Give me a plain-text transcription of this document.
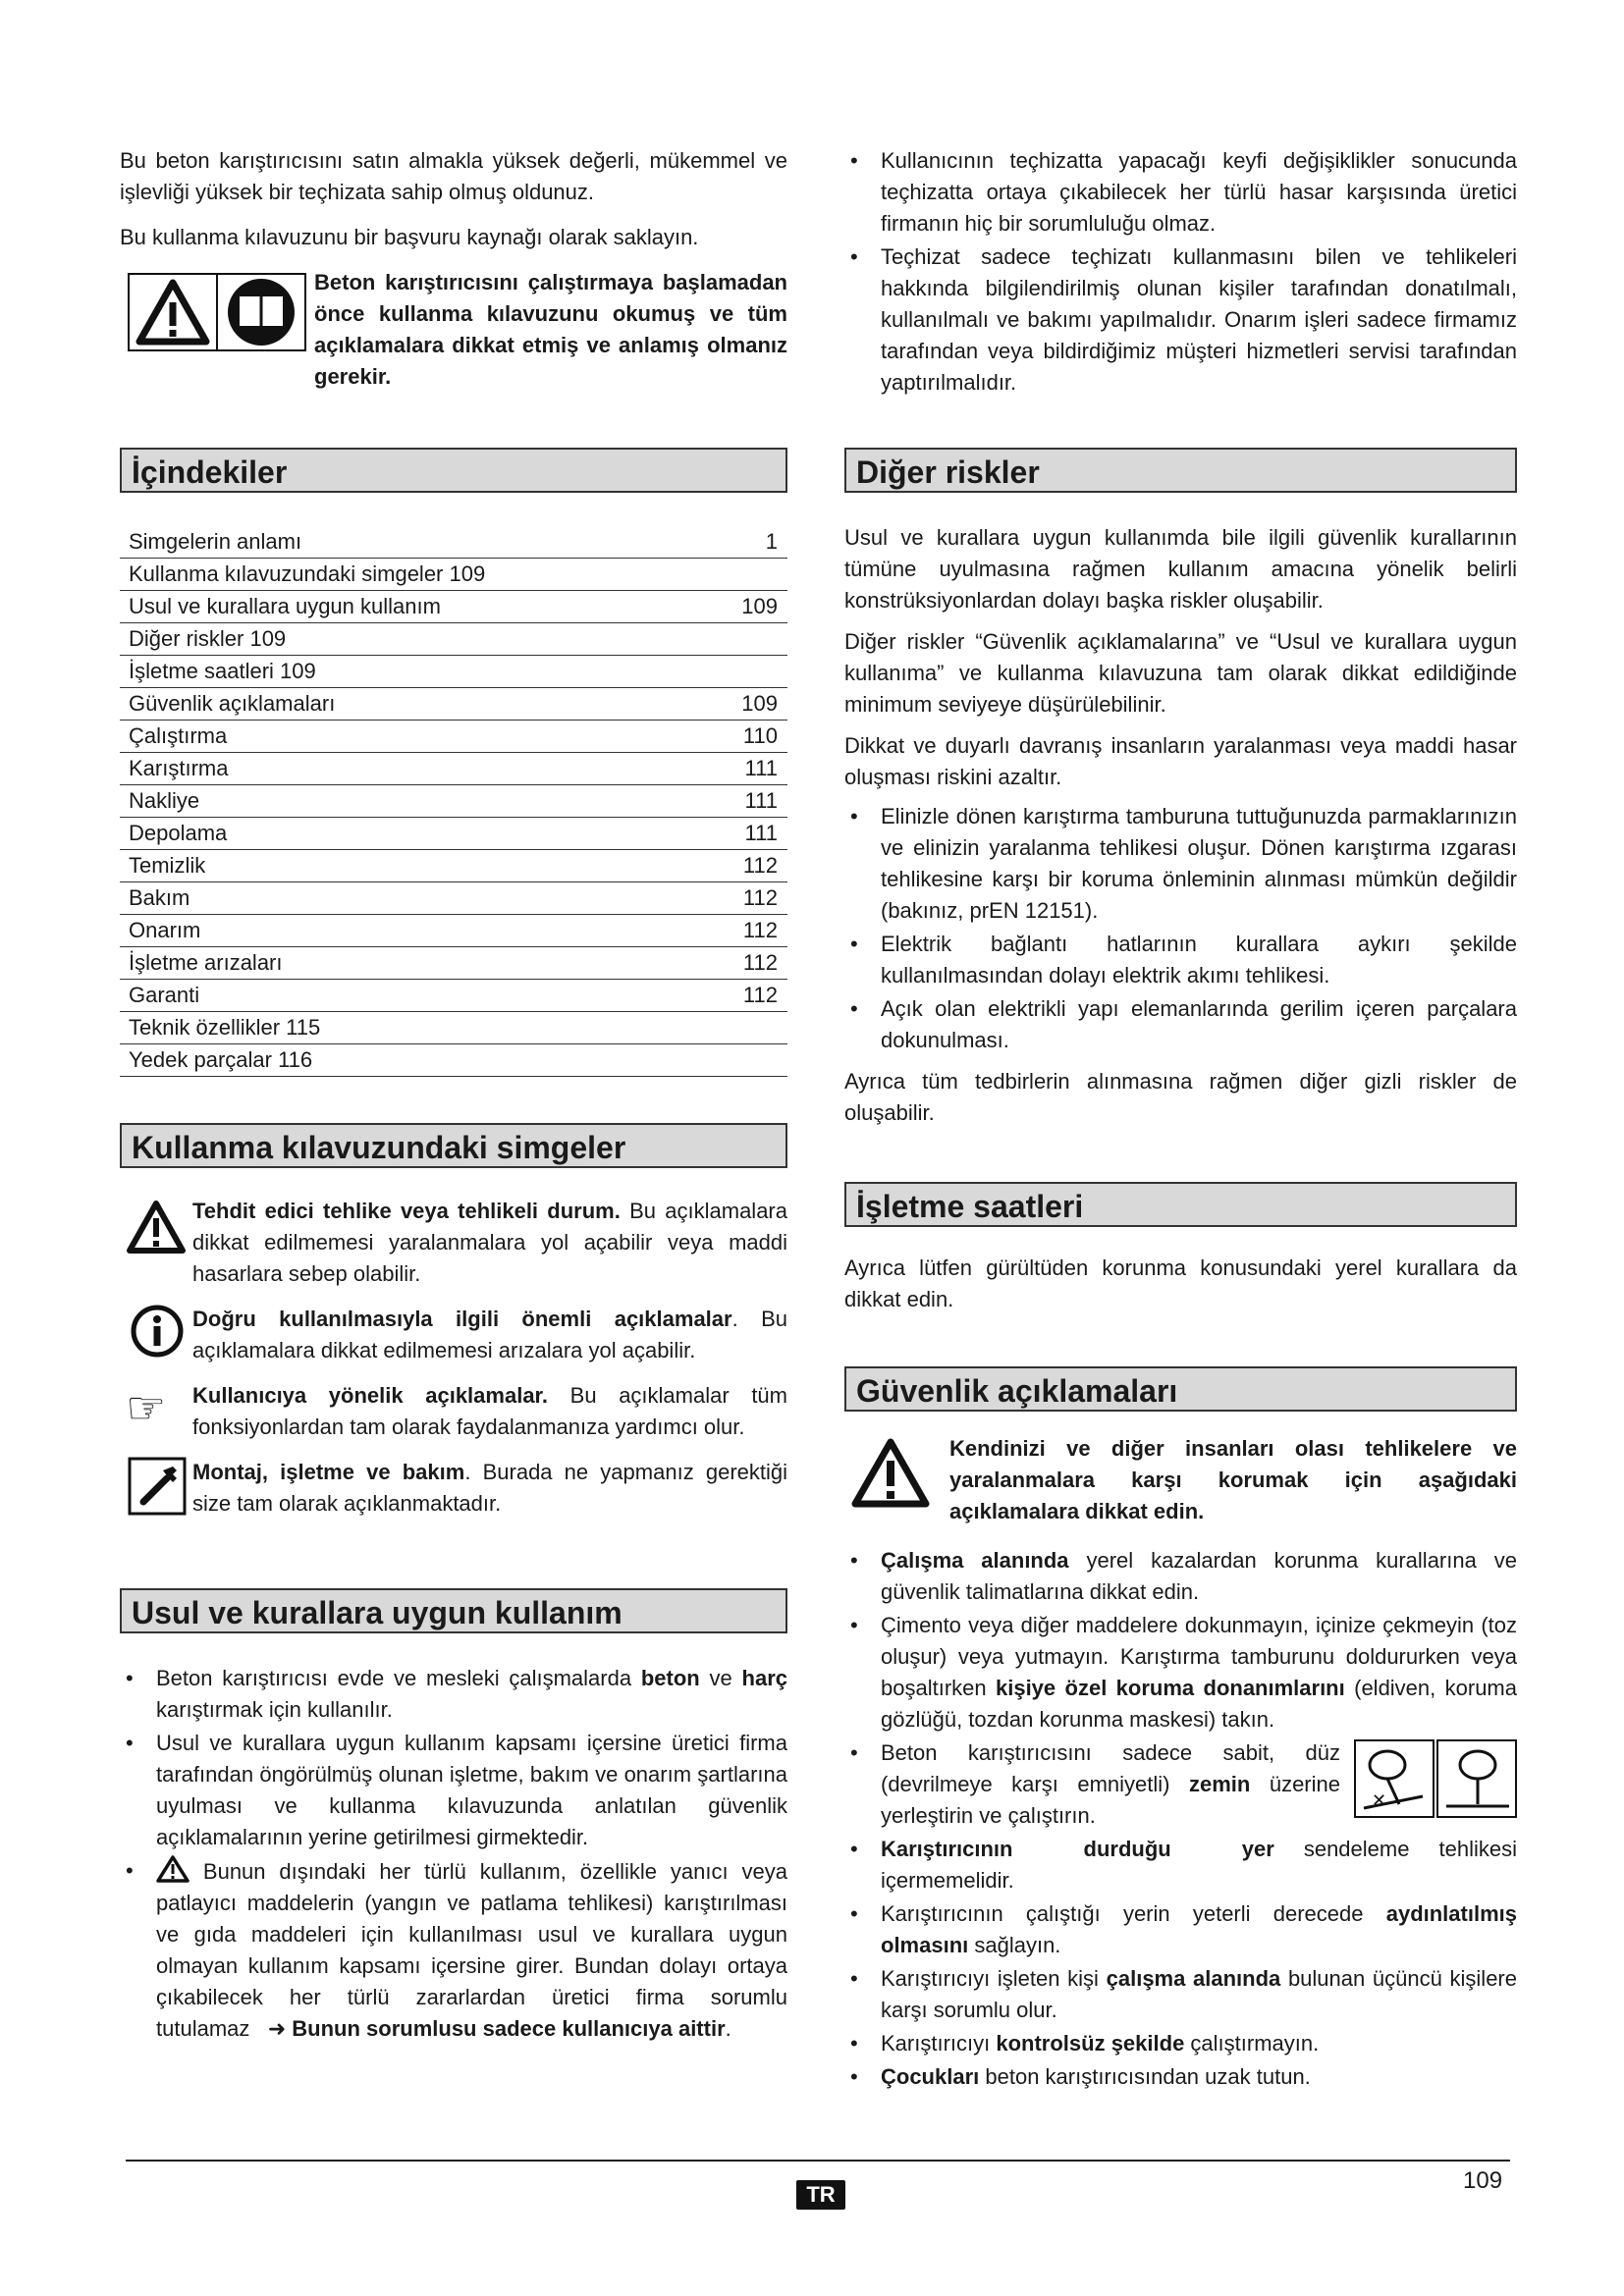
Bu beton karıştırıcısını satın almakla yüksek değerli, mükemmel ve işlevliği yüksek bir teçhizata sahip olmuş oldunuz.

Bu kullanma kılavuzunu bir başvuru kaynağı olarak saklayın.

Beton karıştırıcısını çalıştırmaya başlamadan önce kullanma kılavuzunu okumuş ve tüm açıklamalara dikkat etmiş ve anlamış olmanız gerekir.

İçindekiler
Simgelerin anlamı	1
Kullanma kılavuzundaki simgeler 109
Usul ve kurallara uygun kullanım	109
Diğer riskler 109
İşletme saatleri 109
Güvenlik açıklamaları	109
Çalıştırma	110
Karıştırma	111
Nakliye	111
Depolama	111
Temizlik	112
Bakım	112
Onarım	112
İşletme arızaları	112
Garanti	112
Teknik özellikler 115
Yedek parçalar 116
Kullanma kılavuzundaki simgeler

Tehdit edici tehlike veya tehlikeli durum. Bu açıklamalara dikkat edilmemesi yaralanmalara yol açabilir veya maddi hasarlara sebep olabilir.

Doğru kullanılmasıyla ilgili önemli açıklamalar. Bu açıklamalara dikkat edilmemesi arızalara yol açabilir.

☞	Kullanıcıya yönelik açıklamalar. Bu açıklamalar tüm fonksiyonlardan tam olarak faydalanmanıza yardımcı olur.

Montaj, işletme ve bakım. Burada ne yapmanız gerektiği size tam olarak açıklanmaktadır.

Usul ve kurallara uygun kullanım
• Beton karıştırıcısı evde ve mesleki çalışmalarda beton ve harç karıştırmak için kullanılır.
• Usul ve kurallara uygun kullanım kapsamı içersine üretici firma tarafından öngörülmüş olunan işletme, bakım ve onarım şartlarına uyulması ve kullanma kılavuzunda anlatılan güvenlik açıklamalarının yerine getirilmesi girmektedir.
• Bunun dışındaki her türlü kullanım, özellikle yanıcı veya patlayıcı maddelerin (yangın ve patlama tehlikesi) karıştırılması ve gıda maddeleri için kullanılması usul ve kurallara uygun olmayan kullanım kapsamı içersine girer. Bundan dolayı ortaya çıkabilecek her türlü zararlardan üretici firma sorumlu tutulamaz ➜ Bunun sorumlusu sadece kullanıcıya aittir.
• Kullanıcının teçhizatta yapacağı keyfi değişiklikler sonucunda teçhizatta ortaya çıkabilecek her türlü hasar karşısında üretici firmanın hiç bir sorumluluğu olmaz.
• Teçhizat sadece teçhizatı kullanmasını bilen ve tehlikeleri hakkında bilgilendirilmiş olunan kişiler tarafından donatılmalı, kullanılmalı ve bakımı yapılmalıdır. Onarım işleri sadece firmamız tarafından veya bildirdiğimiz müşteri hizmetleri servisi tarafından yaptırılmalıdır.
Diğer riskler

Usul ve kurallara uygun kullanımda bile ilgili güvenlik kurallarının tümüne uyulmasına rağmen kullanım amacına yönelik belirli konstrüksiyonlardan dolayı başka riskler oluşabilir.

Diğer riskler “Güvenlik açıklamalarına” ve “Usul ve kurallara uygun kullanıma” ve kullanma kılavuzuna tam olarak dikkat edildiğinde minimum seviyeye düşürülebilinir.

Dikkat ve duyarlı davranış insanların yaralanması veya maddi hasar oluşması riskini azaltır.

• Elinizle dönen karıştırma tamburuna tuttuğunuzda parmaklarınızın ve elinizin yaralanma tehlikesi oluşur. Dönen karıştırma ızgarası tehlikesine karşı bir koruma önleminin alınması mümkün değildir (bakınız, prEN 12151).
• Elektrik bağlantı hatlarının kurallara aykırı şekilde kullanılmasından dolayı elektrik akımı tehlikesi.
• Açık olan elektrikli yapı elemanlarında gerilim içeren parçalara dokunulması.

Ayrıca tüm tedbirlerin alınmasına rağmen diğer gizli riskler de oluşabilir.

İşletme saatleri

Ayrıca lütfen gürültüden korunma konusundaki yerel kurallara da dikkat edin.

Güvenlik açıklamaları

Kendinizi ve diğer insanları olası tehlikelere ve yaralanmalara karşı korumak için aşağıdaki açıklamalara dikkat edin.

• Çalışma alanında yerel kazalardan korunma kurallarına ve güvenlik talimatlarına dikkat edin.
• Çimento veya diğer maddelere dokunmayın, içinize çekmeyin (toz oluşur) veya yutmayın. Karıştırma tamburunu doldururken veya boşaltırken kişiye özel koruma donanımlarını (eldiven, koruma gözlüğü, tozdan korunma maskesi) takın.
• ✕
Beton karıştırıcısını sadece sabit, düz (devrilmeye karşı emniyetli) zemin üzerine yerleştirin ve çalıştırın.
• Karıştırıcının durduğu yer sendeleme tehlikesi içermemelidir.
• Karıştırıcının çalıştığı yerin yeterli derecede aydınlatılmış olmasını sağlayın.
• Karıştırıcıyı işleten kişi çalışma alanında bulunan üçüncü kişilere karşı sorumlu olur.
• Karıştırıcıyı kontrolsüz şekilde çalıştırmayın.
• Çocukları beton karıştırıcısından uzak tutun.
TR
109
